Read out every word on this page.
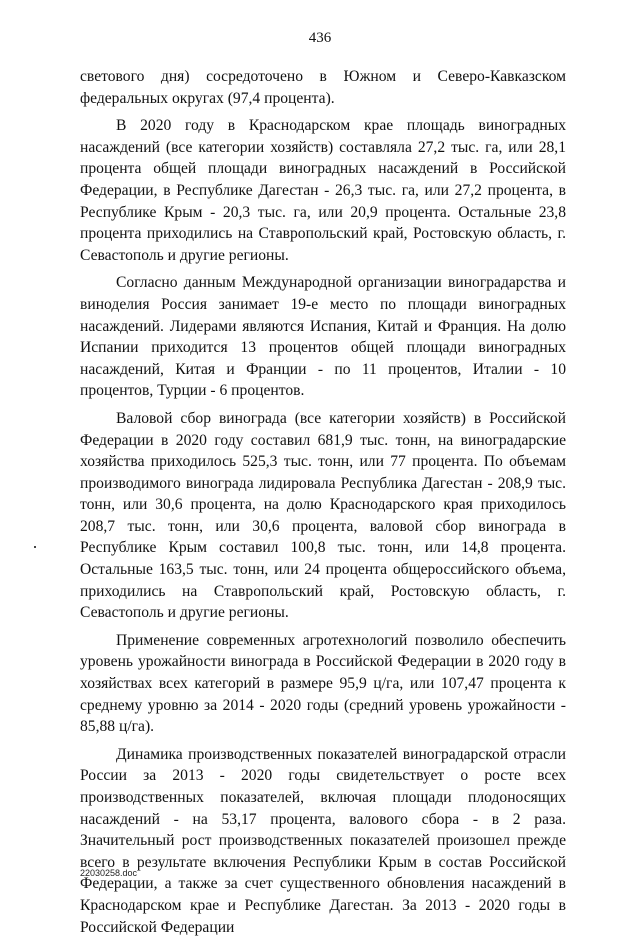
436

светового дня) сосредоточено в Южном и Северо-Кавказском федеральных округах (97,4 процента).

В 2020 году в Краснодарском крае площадь виноградных насаждений (все категории хозяйств) составляла 27,2 тыс. га, или 28,1 процента общей площади виноградных насаждений в Российской Федерации, в Республике Дагестан - 26,3 тыс. га, или 27,2 процента, в Республике Крым - 20,3 тыс. га, или 20,9 процента. Остальные 23,8 процента приходились на Ставропольский край, Ростовскую область, г. Севастополь и другие регионы.

Согласно данным Международной организации виноградарства и виноделия Россия занимает 19-е место по площади виноградных насаждений. Лидерами являются Испания, Китай и Франция. На долю Испании приходится 13 процентов общей площади виноградных насаждений, Китая и Франции - по 11 процентов, Италии - 10 процентов, Турции - 6 процентов.

Валовой сбор винограда (все категории хозяйств) в Российской Федерации в 2020 году составил 681,9 тыс. тонн, на виноградарские хозяйства приходилось 525,3 тыс. тонн, или 77 процента. По объемам производимого винограда лидировала Республика Дагестан - 208,9 тыс. тонн, или 30,6 процента, на долю Краснодарского края приходилось 208,7 тыс. тонн, или 30,6 процента, валовой сбор винограда в Республике Крым составил 100,8 тыс. тонн, или 14,8 процента. Остальные 163,5 тыс. тонн, или 24 процента общероссийского объема, приходились на Ставропольский край, Ростовскую область, г. Севастополь и другие регионы.

Применение современных агротехнологий позволило обеспечить уровень урожайности винограда в Российской Федерации в 2020 году в хозяйствах всех категорий в размере 95,9 ц/га, или 107,47 процента к среднему уровню за 2014 - 2020 годы (средний уровень урожайности - 85,88 ц/га).

Динамика производственных показателей виноградарской отрасли России за 2013 - 2020 годы свидетельствует о росте всех производственных показателей, включая площади плодоносящих насаждений - на 53,17 процента, валового сбора - в 2 раза. Значительный рост производственных показателей произошел прежде всего в результате включения Республики Крым в состав Российской Федерации, а также за счет существенного обновления насаждений в Краснодарском крае и Республике Дагестан. За 2013 - 2020 годы в Российской Федерации

22030258.doc
